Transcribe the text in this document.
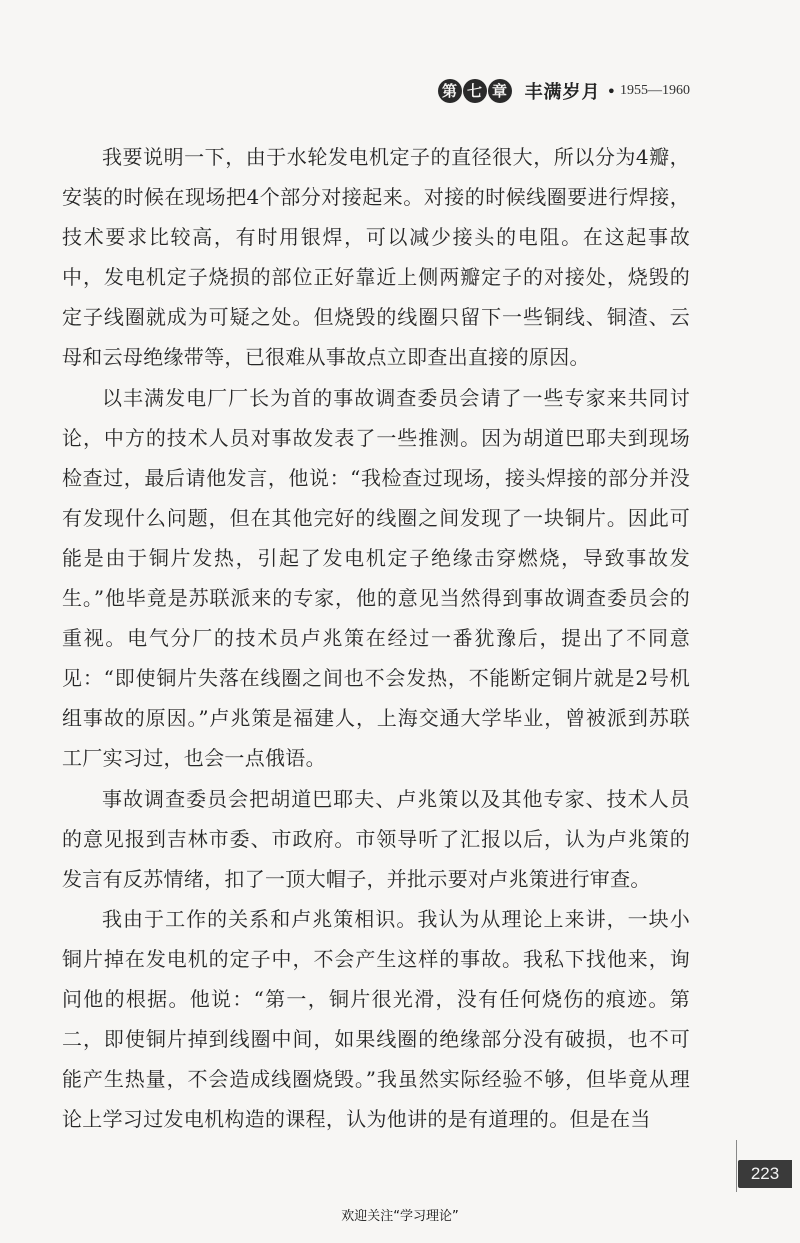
第 七 章 丰满岁月 • 1955—1960

我要说明一下，由于水轮发电机定子的直径很大，所以分为4瓣，安装的时候在现场把4个部分对接起来。对接的时候线圈要进行焊接，技术要求比较高，有时用银焊，可以减少接头的电阻。在这起事故中，发电机定子烧损的部位正好靠近上侧两瓣定子的对接处，烧毁的定子线圈就成为可疑之处。但烧毁的线圈只留下一些铜线、铜渣、云母和云母绝缘带等，已很难从事故点立即查出直接的原因。

以丰满发电厂厂长为首的事故调查委员会请了一些专家来共同讨论，中方的技术人员对事故发表了一些推测。因为胡道巴耶夫到现场检查过，最后请他发言，他说：“我检查过现场，接头焊接的部分并没有发现什么问题，但在其他完好的线圈之间发现了一块铜片。因此可能是由于铜片发热，引起了发电机定子绝缘击穿燃烧，导致事故发生。”他毕竟是苏联派来的专家，他的意见当然得到事故调查委员会的重视。电气分厂的技术员卢兆策在经过一番犹豫后，提出了不同意见：“即使铜片失落在线圈之间也不会发热，不能断定铜片就是2号机组事故的原因。”卢兆策是福建人，上海交通大学毕业，曾被派到苏联工厂实习过，也会一点俄语。

事故调查委员会把胡道巴耶夫、卢兆策以及其他专家、技术人员的意见报到吉林市委、市政府。市领导听了汇报以后，认为卢兆策的发言有反苏情绪，扣了一顶大帽子，并批示要对卢兆策进行审查。

我由于工作的关系和卢兆策相识。我认为从理论上来讲，一块小铜片掉在发电机的定子中，不会产生这样的事故。我私下找他来，询问他的根据。他说：“第一，铜片很光滑，没有任何烧伤的痕迹。第二，即使铜片掉到线圈中间，如果线圈的绝缘部分没有破损，也不可能产生热量，不会造成线圈烧毁。”我虽然实际经验不够，但毕竟从理论上学习过发电机构造的课程，认为他讲的是有道理的。但是在当

223
欢迎关注“学习理论”
